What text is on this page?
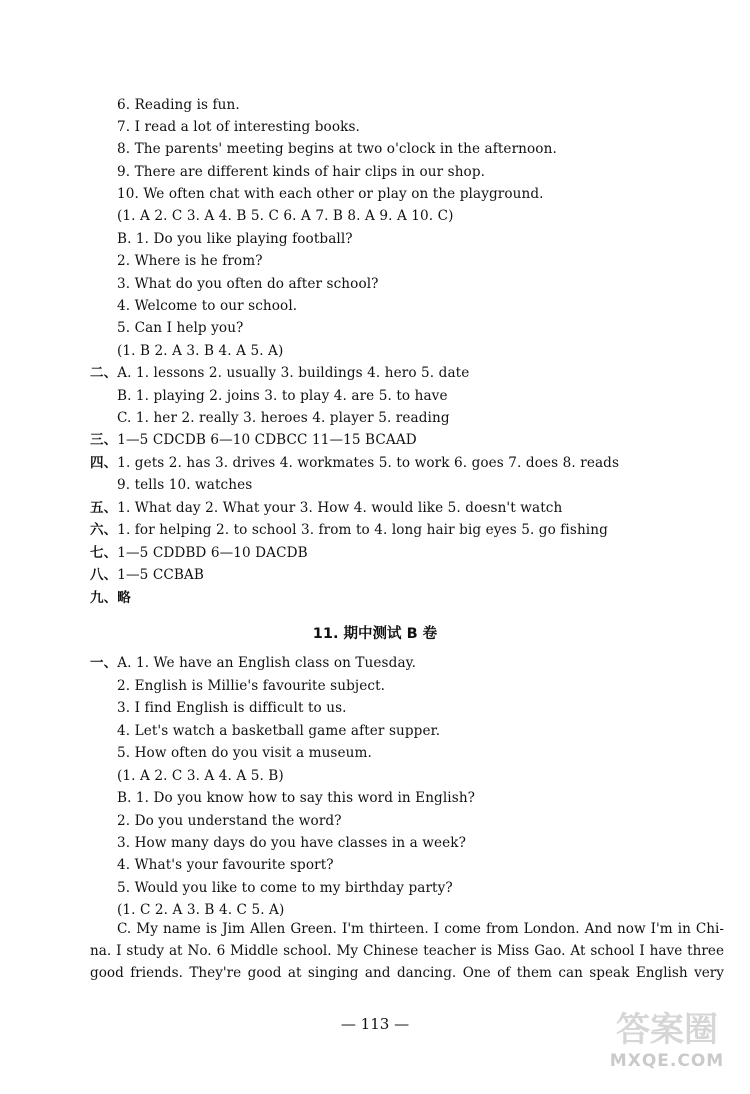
6. Reading is fun.
7. I read a lot of interesting books.
8. The parents' meeting begins at two o'clock in the afternoon.
9. There are different kinds of hair clips in our shop.
10. We often chat with each other or play on the playground.
(1. A 2. C 3. A 4. B 5. C 6. A 7. B 8. A 9. A 10. C)
B. 1. Do you like playing football?
2. Where is he from?
3. What do you often do after school?
4. Welcome to our school.
5. Can I help you?
(1. B 2. A 3. B 4. A 5. A)
二、A. 1. lessons 2. usually 3. buildings 4. hero 5. date
B. 1. playing 2. joins 3. to play 4. are 5. to have
C. 1. her 2. really 3. heroes 4. player 5. reading
三、1—5 CDCDB 6—10 CDBCC 11—15 BCAAD
四、1. gets 2. has 3. drives 4. workmates 5. to work 6. goes 7. does 8. reads
9. tells 10. watches
五、1. What day 2. What your 3. How 4. would like 5. doesn't watch
六、1. for helping 2. to school 3. from to 4. long hair big eyes 5. go fishing
七、1—5 CDDBD 6—10 DACDB
八、1—5 CCBAB
九、略
11. 期中测试 B 卷
一、A. 1. We have an English class on Tuesday.
2. English is Millie's favourite subject.
3. I find English is difficult to us.
4. Let's watch a basketball game after supper.
5. How often do you visit a museum.
(1. A 2. C 3. A 4. A 5. B)
B. 1. Do you know how to say this word in English?
2. Do you understand the word?
3. How many days do you have classes in a week?
4. What's your favourite sport?
5. Would you like to come to my birthday party?
(1. C 2. A 3. B 4. C 5. A)
C. My name is Jim Allen Green. I'm thirteen. I come from London. And now I'm in Chi-
na. I study at No. 6 Middle school. My Chinese teacher is Miss Gao. At school I have three
good friends. They're good at singing and dancing. One of them can speak English very
— 113 —	答案圈
MXQE.COM
